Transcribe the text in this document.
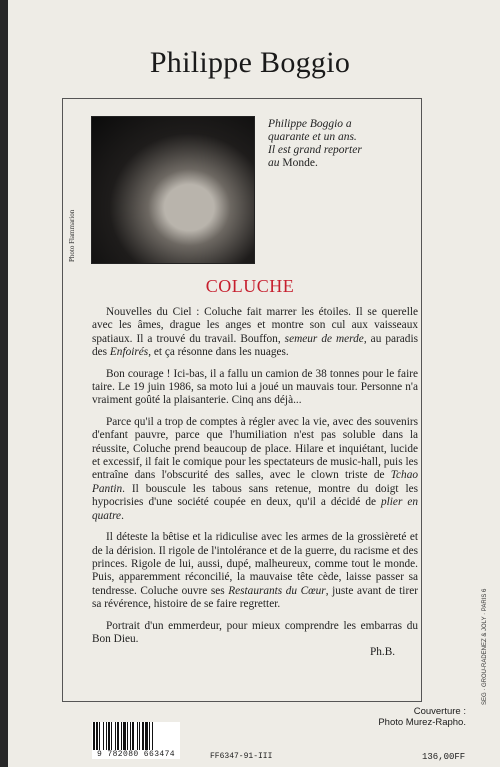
Philippe Boggio
Photo Flammarion
Philippe Boggio a
quarante et un ans.
Il est grand reporter
au Monde.
COLUCHE

Nouvelles du Ciel : Coluche fait marrer les étoiles. Il se querelle avec les âmes, drague les anges et montre son cul aux vaisseaux spatiaux. Il a trouvé du travail. Bouffon, semeur de merde, au paradis des Enfoirés, et ça résonne dans les nuages.

Bon courage ! Ici-bas, il a fallu un camion de 38 tonnes pour le faire taire. Le 19 juin 1986, sa moto lui a joué un mauvais tour. Personne n'a vraiment goûté la plaisanterie. Cinq ans déjà...

Parce qu'il a trop de comptes à régler avec la vie, avec des souvenirs d'enfant pauvre, parce que l'humiliation n'est pas soluble dans la réussite, Coluche prend beaucoup de place. Hilare et inquiétant, lucide et excessif, il fait le comique pour les spectateurs de music-hall, puis les entraîne dans l'obscurité des salles, avec le clown triste de Tchao Pantin. Il bouscule les tabous sans retenue, montre du doigt les hypocrisies d'une société coupée en deux, qu'il a décidé de plier en quatre.

Il déteste la bêtise et la ridiculise avec les armes de la grossièreté et de la dérision. Il rigole de l'intolérance et de la guerre, du racisme et des princes. Rigole de lui, aussi, dupé, malheureux, comme tout le monde. Puis, apparemment réconcilié, la mauvaise tête cède, laisse passer sa tendresse. Coluche ouvre ses Restaurants du Cœur, juste avant de tirer sa révérence, histoire de se faire regretter.

Portrait d'un emmerdeur, pour mieux comprendre les embarras du Bon Dieu.

Ph.B.
Couverture :
Photo Murez-Rapho.
SEG · GROU-RADENEZ & JOLY · PARIS 6
9 782080 663474	FF6347-91-III	136,00FF
